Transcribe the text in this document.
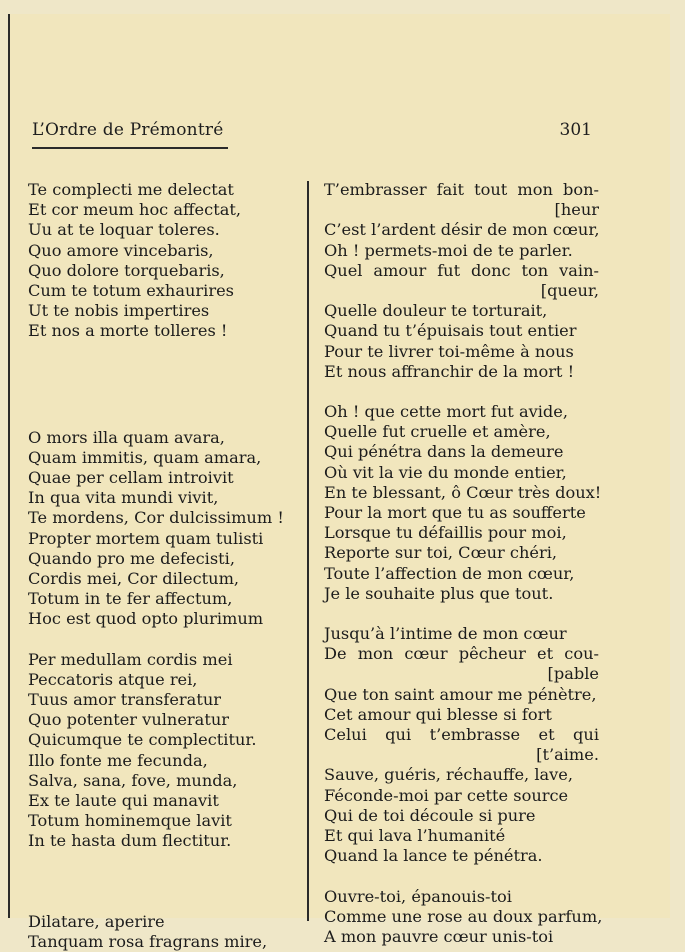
L’Ordre de Prémontré	301
Te complecti me delectat
Et cor meum hoc affectat,
Uu at te loquar toleres.
Quo amore vincebaris,
Quo dolore torquebaris,
Cum te totum exhaurires
Ut te nobis impertires
Et nos a morte tolleres !
O mors illa quam avara,
Quam immitis, quam amara,
Quae per cellam introivit
In qua vita mundi vivit,
Te mordens, Cor dulcissimum !
Propter mortem quam tulisti
Quando pro me defecisti,
Cordis mei, Cor dilectum,
Totum in te fer affectum,
Hoc est quod opto plurimum
Per medullam cordis mei
Peccatoris atque rei,
Tuus amor transferatur
Quo potenter vulneratur
Quicumque te complectitur.
Illo fonte me fecunda,
Salva, sana, fove, munda,
Ex te laute qui manavit
Totum hominemque lavit
In te hasta dum flectitur.
Dilatare, aperire
Tanquam rosa fragrans mire,
T’embrasser fait tout mon bon-
[heur
C’est l’ardent désir de mon cœur,
Oh ! permets-moi de te parler.
Quel amour fut donc ton vain-
[queur,
Quelle douleur te torturait,
Quand tu t’épuisais tout entier
Pour te livrer toi-même à nous
Et nous affranchir de la mort !
Oh ! que cette mort fut avide,
Quelle fut cruelle et amère,
Qui pénétra dans la demeure
Où vit la vie du monde entier,
En te blessant, ô Cœur très doux!
Pour la mort que tu as soufferte
Lorsque tu défaillis pour moi,
Reporte sur toi, Cœur chéri,
Toute l’affection de mon cœur,
Je le souhaite plus que tout.
Jusqu’à l’intime de mon cœur
De mon cœur pêcheur et cou-
[pable
Que ton saint amour me pénètre,
Cet amour qui blesse si fort
Celui qui t’embrasse et qui
[t’aime.
Sauve, guéris, réchauffe, lave,
Féconde-moi par cette source
Qui de toi découle si pure
Et qui lava l’humanité
Quand la lance te pénétra.
Ouvre-toi, épanouis-toi
Comme une rose au doux parfum,
A mon pauvre cœur unis-toi
